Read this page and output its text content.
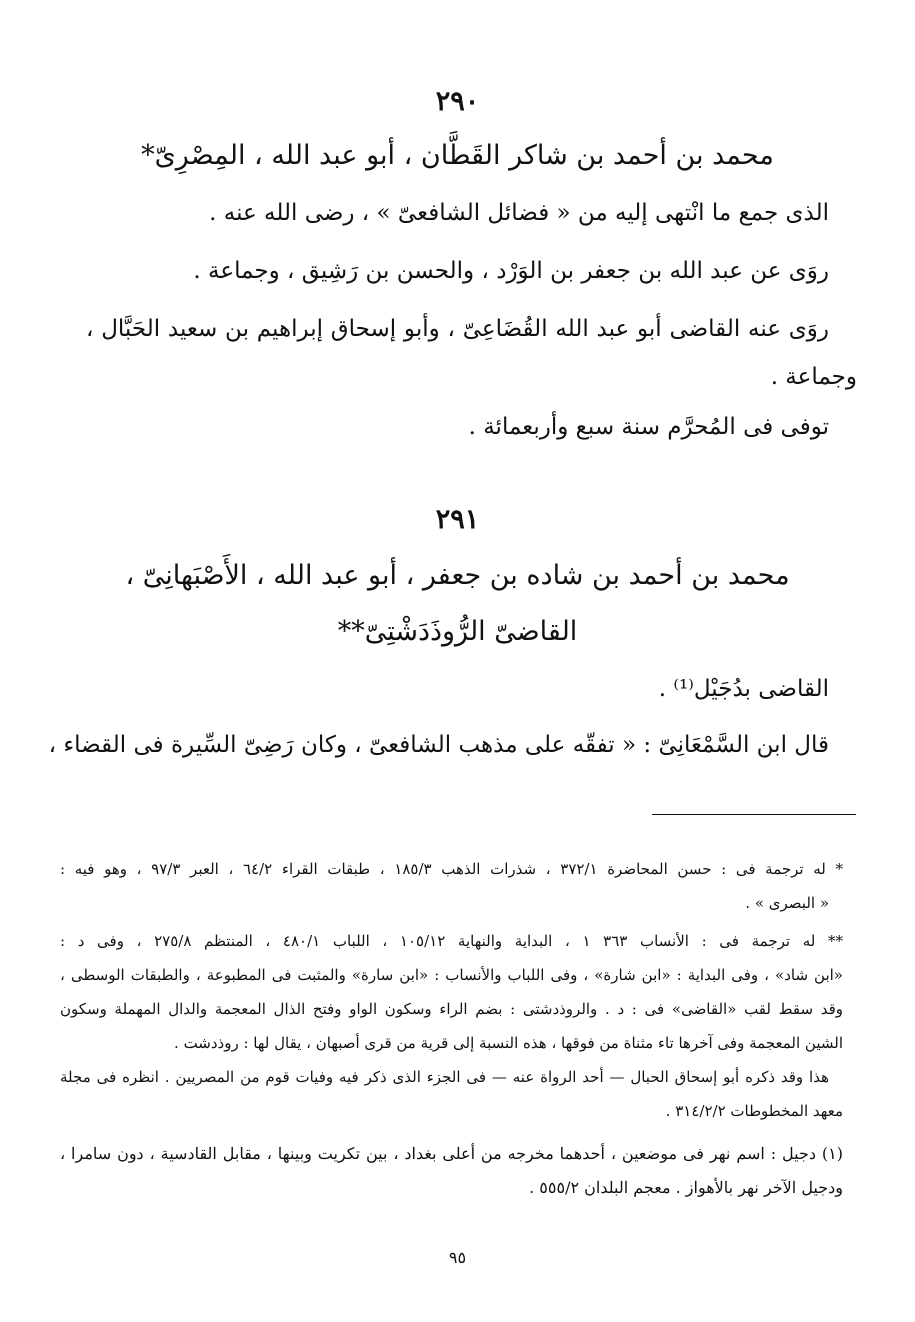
٢٩٠
محمد بن أحمد بن شاكر القَطَّان ، أبو عبد الله ، المِصْرِىّ*
الذى جمع ما انْتهى إليه من « فضائل الشافعىّ » ، رضى الله عنه .
روَى عن عبد الله بن جعفر بن الوَرْد ، والحسن بن رَشِيق ، وجماعة .
روَى عنه القاضى أبو عبد الله القُضَاعِىّ ، وأبو إسحاق إبراهيم بن سعيد الحَبَّال ،
وجماعة .
توفى فى المُحرَّم سنة سبع وأربعمائة .
٢٩١
محمد بن أحمد بن شاده بن جعفر ، أبو عبد الله ، الأَصْبَهانِىّ ،
القاضىّ الرُّوذَدَشْتِىّ**
القاضى بدُجَيْل⁽¹⁾ .
قال ابن السَّمْعَانِىّ : « تفقّه على مذهب الشافعىّ ، وكان رَضِىّ السِّيرة فى القضاء ،
* له ترجمة فى : حسن المحاضرة ٣٧٢/١ ، شذرات الذهب ١٨٥/٣ ، طبقات القراء ٦٤/٢ ، العبر ٩٧/٣ ، وهو فيه :
« البصرى » .
** له ترجمة فى : الأنساب ٣٦٣ ١ ، البداية والنهاية ١٠٥/١٢ ، اللباب ٤٨٠/١ ، المنتظم ٢٧٥/٨ ، وفى د :
«ابن شاد» ، وفى البداية : «ابن شارة» ، وفى اللباب والأنساب : «ابن سارة» والمثبت فى المطبوعة ، والطبقات الوسطى ،
وقد سقط لقب «القاضى» فى : د . والروذدشتى : بضم الراء وسكون الواو وفتح الذال المعجمة والدال المهملة وسكون
الشين المعجمة وفى آخرها تاء مثناة من فوقها ، هذه النسبة إلى قرية من قرى أصبهان ، يقال لها : روذدشت .
هذا وقد ذكره أبو إسحاق الحبال — أحد الرواة عنه — فى الجزء الذى ذكر فيه وفيات قوم من المصريين . انظره فى مجلة
معهد المخطوطات ٣١٤/٢/٢ .
(١) دجيل : اسم نهر فى موضعين ، أحدهما مخرجه من أعلى بغداد ، بين تكريت وبينها ، مقابل القادسية ، دون سامرا ،
ودجيل الآخر نهر بالأهواز . معجم البلدان ٥٥٥/٢ .
٩٥
